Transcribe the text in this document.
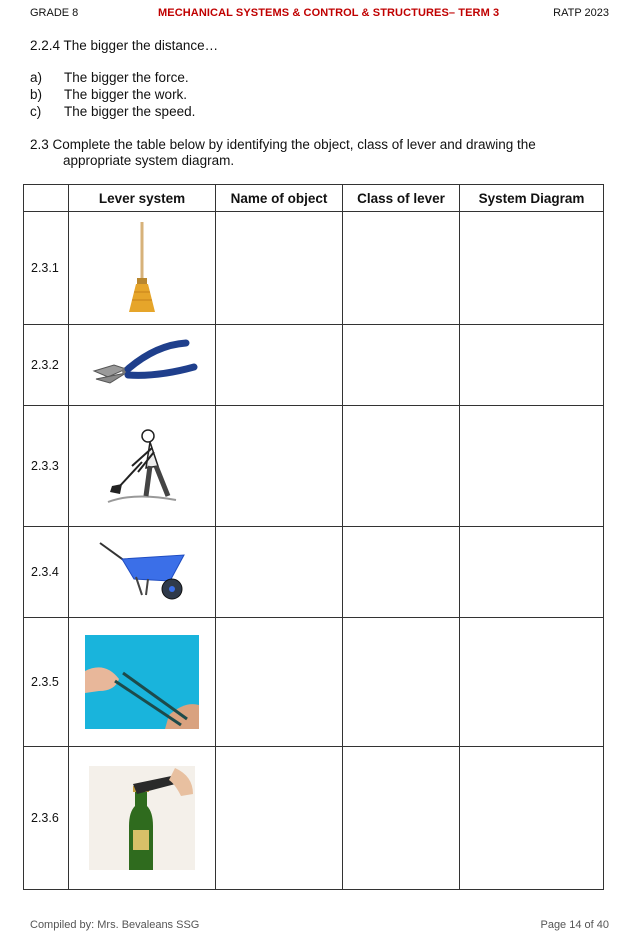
GRADE 8	MECHANICAL SYSTEMS & CONTROL & STRUCTURES– TERM 3	RATP 2023
2.2.4 The bigger the distance…
a) The bigger the force.
b) The bigger the work.
c) The bigger the speed.
2.3 Complete the table below by identifying the object, class of lever and drawing the
appropriate system diagram.
	Lever system	Name of object	Class of lever	System Diagram
2.3.1				
2.3.2				
2.3.3				
2.3.4				
2.3.5				
2.3.6				
Compiled by: Mrs. Bevaleans SSG	Page 14 of 40
